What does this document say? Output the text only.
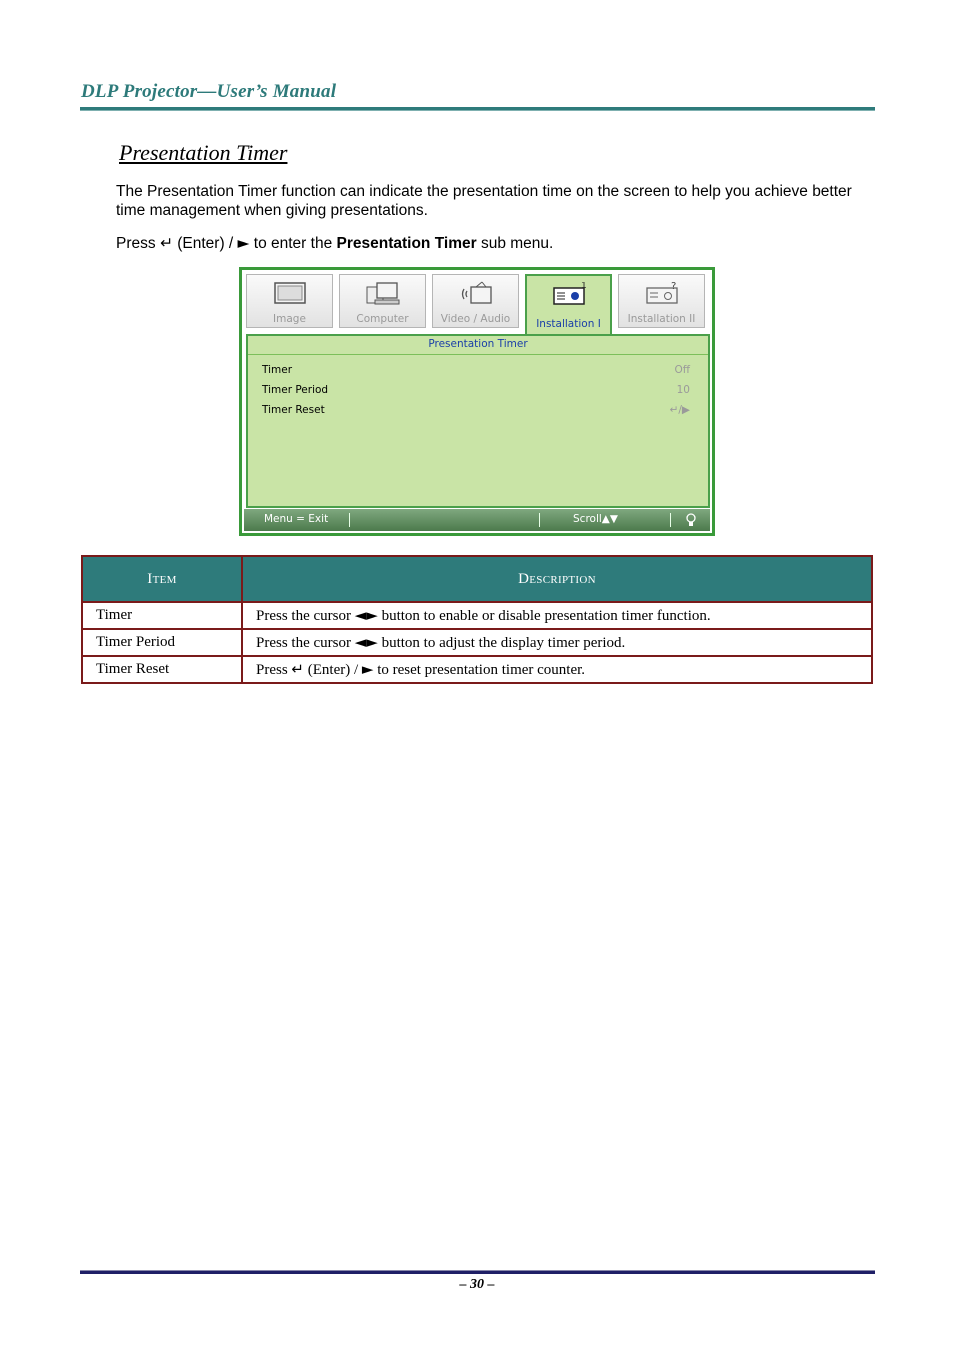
DLP Projector—User’s Manual
Presentation Timer
The Presentation Timer function can indicate the presentation time on the screen to help you achieve better time management when giving presentations.
Press ↵ (Enter) / ► to enter the Presentation Timer sub menu.
Image	Computer	Video / Audio
1
Installation I
?
Installation II
Presentation Timer
Timer	Off
Timer Period	10
Timer Reset	↵/▶
Menu = Exit	Scroll▲▼
Item	Description
Timer	Press the cursor ◄► button to enable or disable presentation timer function.
Timer Period	Press the cursor ◄► button to adjust the display timer period.
Timer Reset	Press ↵ (Enter) / ► to reset presentation timer counter.
– 30 –
